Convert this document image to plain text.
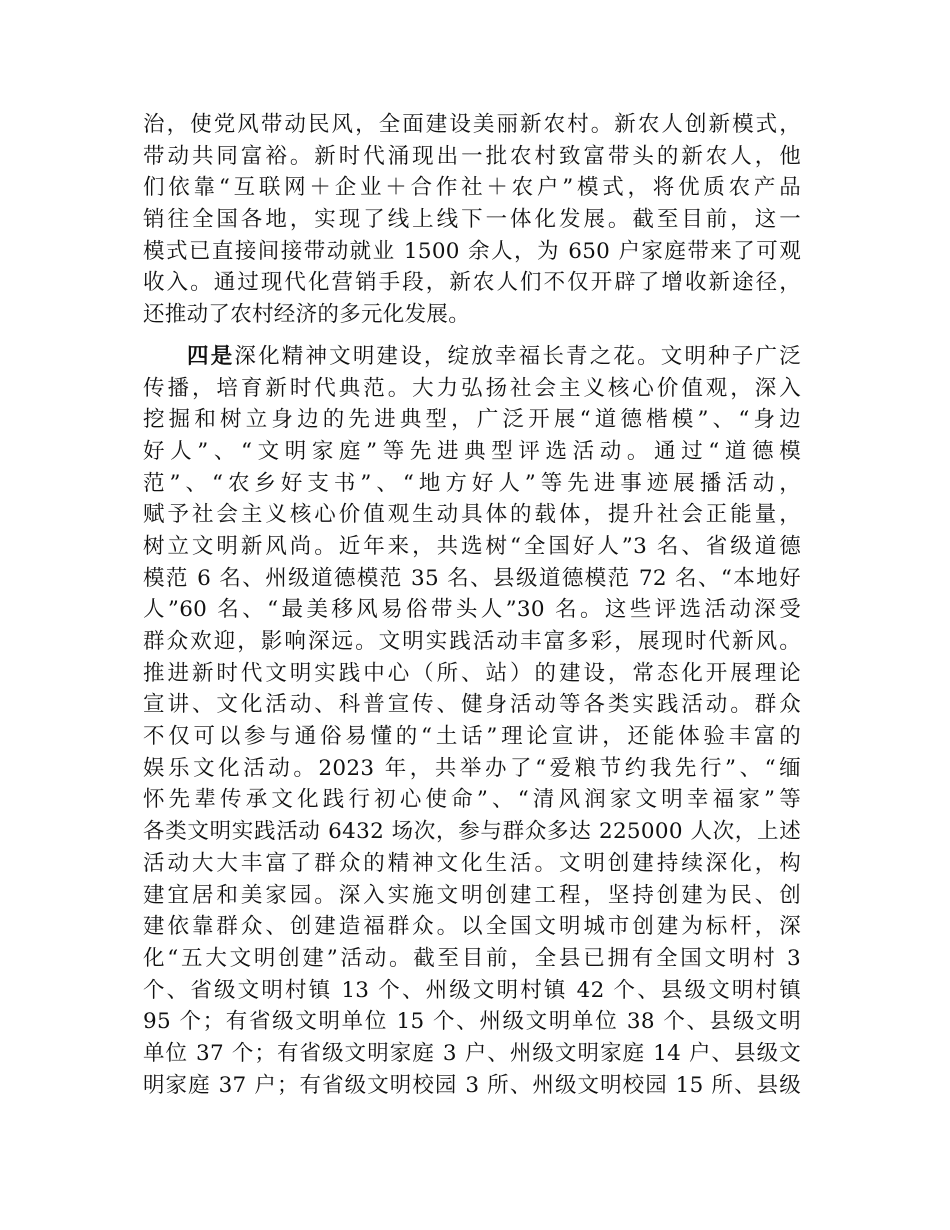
治，使党风带动民风，全面建设美丽新农村。新农人创新模式，
带动共同富裕。新时代涌现出一批农村致富带头的新农人，他
们依靠“互联网＋企业＋合作社＋农户”模式，将优质农产品
销往全国各地，实现了线上线下一体化发展。截至目前，这一
模式已直接间接带动就业 1500 余人，为 650 户家庭带来了可观
收入。通过现代化营销手段，新农人们不仅开辟了增收新途径，
还推动了农村经济的多元化发展。
四是深化精神文明建设，绽放幸福长青之花。文明种子广泛
传播，培育新时代典范。大力弘扬社会主义核心价值观，深入
挖掘和树立身边的先进典型，广泛开展“道德楷模”、“身边
好人”、“文明家庭”等先进典型评选活动。通过“道德模
范”、“农乡好支书”、“地方好人”等先进事迹展播活动，
赋予社会主义核心价值观生动具体的载体，提升社会正能量，
树立文明新风尚。近年来，共选树“全国好人”3 名、省级道德
模范 6 名、州级道德模范 35 名、县级道德模范 72 名、“本地好
人”60 名、“最美移风易俗带头人”30 名。这些评选活动深受
群众欢迎，影响深远。文明实践活动丰富多彩，展现时代新风。
推进新时代文明实践中心（所、站）的建设，常态化开展理论
宣讲、文化活动、科普宣传、健身活动等各类实践活动。群众
不仅可以参与通俗易懂的“土话”理论宣讲，还能体验丰富的
娱乐文化活动。2023 年，共举办了“爱粮节约我先行”、“缅
怀先辈传承文化践行初心使命”、“清风润家文明幸福家”等
各类文明实践活动 6432 场次，参与群众多达 225000 人次，上述
活动大大丰富了群众的精神文化生活。文明创建持续深化，构
建宜居和美家园。深入实施文明创建工程，坚持创建为民、创
建依靠群众、创建造福群众。以全国文明城市创建为标杆，深
化“五大文明创建”活动。截至目前，全县已拥有全国文明村 3
个、省级文明村镇 13 个、州级文明村镇 42 个、县级文明村镇
95 个；有省级文明单位 15 个、州级文明单位 38 个、县级文明
单位 37 个；有省级文明家庭 3 户、州级文明家庭 14 户、县级文
明家庭 37 户；有省级文明校园 3 所、州级文明校园 15 所、县级
